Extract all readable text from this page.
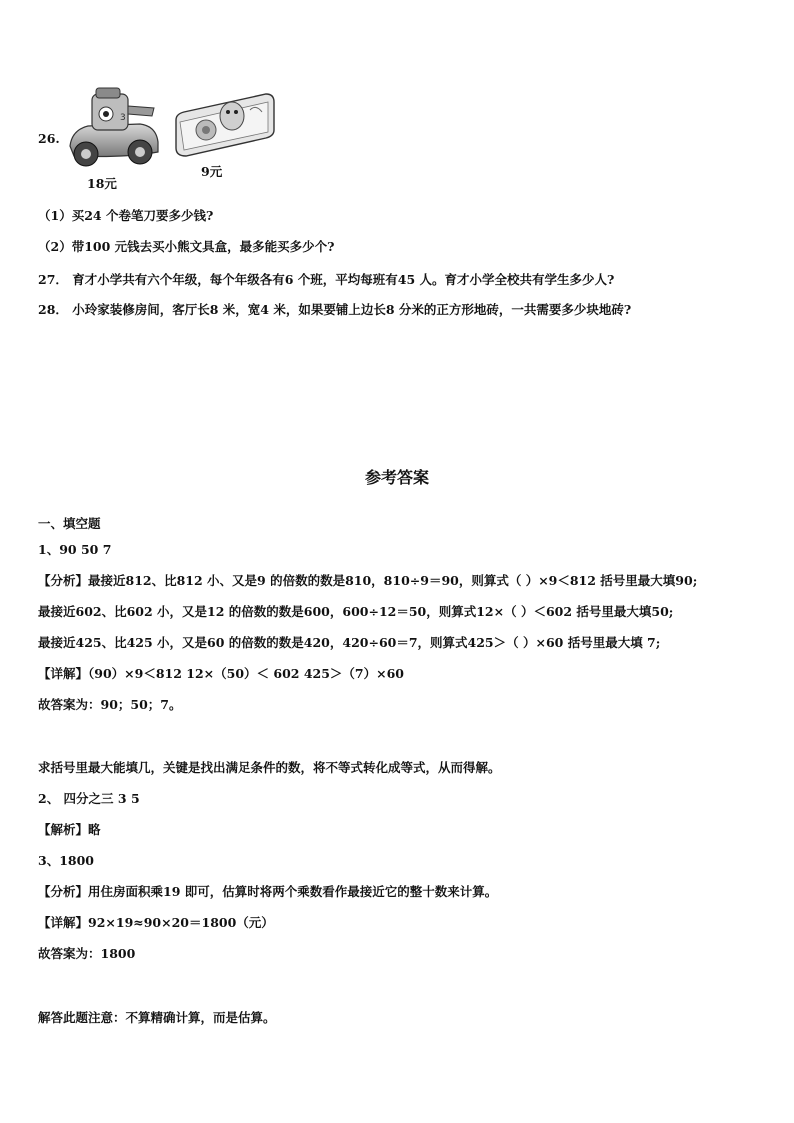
26.
3
18元
9元
（1）买24 个卷笔刀要多少钱?
（2）带100 元钱去买小熊文具盒，最多能买多少个?
27． 育才小学共有六个年级，每个年级各有6 个班，平均每班有45 人。育才小学全校共有学生多少人?
28． 小玲家装修房间，客厅长8 米，宽4 米，如果要铺上边长8 分米的正方形地砖，一共需要多少块地砖?
参考答案
一、填空题
1、90 50 7
【分析】最接近812、比812 小、又是9 的倍数的数是810，810÷9＝90，则算式（ ）×9＜812 括号里最大填90;
最接近602、比602 小，又是12 的倍数的数是600，600÷12＝50，则算式12×（ ）＜602 括号里最大填50;
最接近425、比425 小，又是60 的倍数的数是420，420÷60＝7，则算式425＞（ ）×60 括号里最大填 7;
【详解】（90）×9＜812 12×（50）＜ 602 425＞（7）×60
故答案为：90；50；7。
求括号里最大能填几，关键是找出满足条件的数，将不等式转化成等式，从而得解。
2、 四分之三 3 5
【解析】略
3、1800
【分析】用住房面积乘19 即可，估算时将两个乘数看作最接近它的整十数来计算。
【详解】92×19≈90×20＝1800（元）
故答案为：1800
解答此题注意：不算精确计算，而是估算。
